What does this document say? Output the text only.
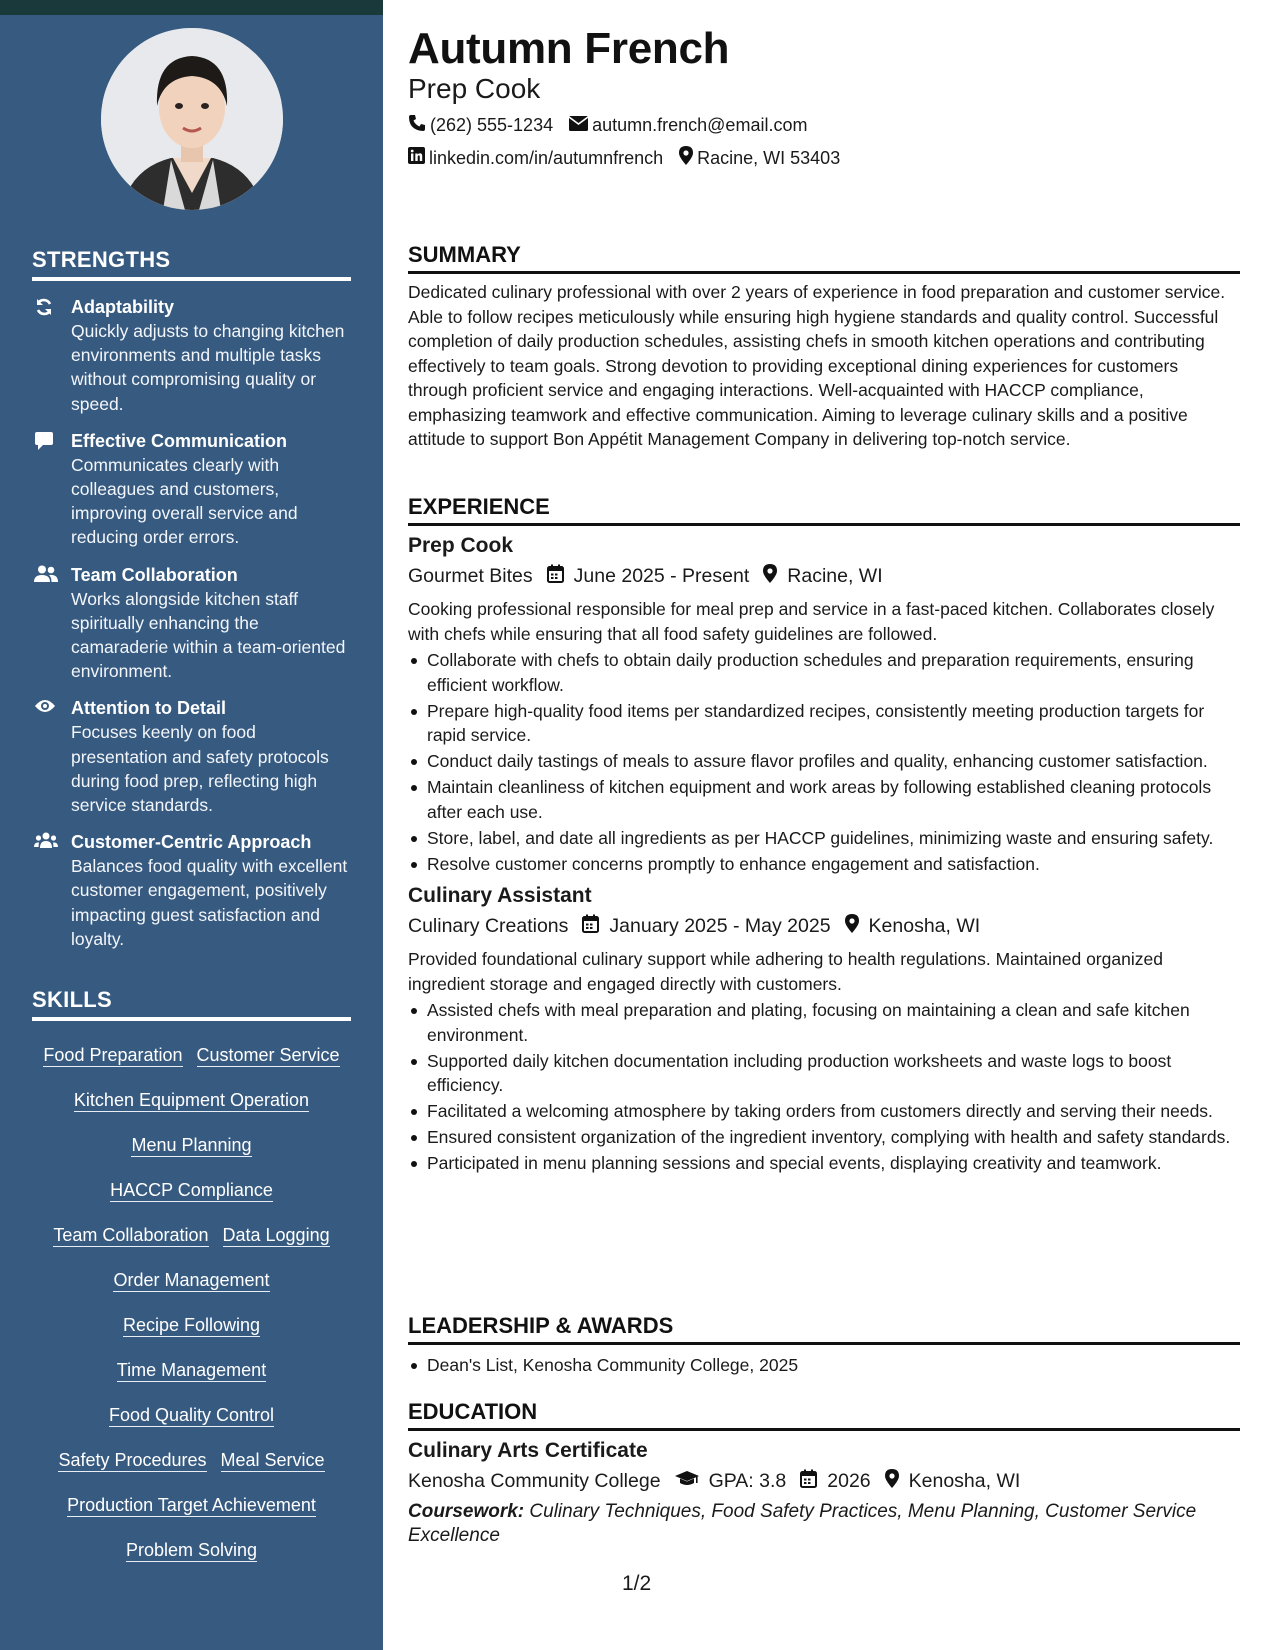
STRENGTHS
Adaptability
Quickly adjusts to changing kitchen environments and multiple tasks without compromising quality or speed.
Effective Communication
Communicates clearly with colleagues and customers, improving overall service and reducing order errors.
Team Collaboration
Works alongside kitchen staff spiritually enhancing the camaraderie within a team-oriented environment.
Attention to Detail
Focuses keenly on food presentation and safety protocols during food prep, reflecting high service standards.
Customer-Centric Approach
Balances food quality with excellent customer engagement, positively impacting guest satisfaction and loyalty.
SKILLS
Food Preparation Customer Service
Kitchen Equipment Operation
Menu Planning
HACCP Compliance
Team Collaboration Data Logging
Order Management
Recipe Following
Time Management
Food Quality Control
Safety Procedures Meal Service
Production Target Achievement
Problem Solving
Autumn French
Prep Cook
(262) 555-1234 autumn.french@email.com
linkedin.com/in/autumnfrench Racine, WI 53403
SUMMARY

Dedicated culinary professional with over 2 years of experience in food preparation and customer service. Able to follow recipes meticulously while ensuring high hygiene standards and quality control. Successful completion of daily production schedules, assisting chefs in smooth kitchen operations and contributing effectively to team goals. Strong devotion to providing exceptional dining experiences for customers through proficient service and engaging interactions. Well-acquainted with HACCP compliance, emphasizing teamwork and effective communication. Aiming to leverage culinary skills and a positive attitude to support Bon Appétit Management Company in delivering top-notch service.

EXPERIENCE
Prep Cook
Gourmet Bites June 2025 - Present Racine, WI

Cooking professional responsible for meal prep and service in a fast-paced kitchen. Collaborates closely with chefs while ensuring that all food safety guidelines are followed.

Collaborate with chefs to obtain daily production schedules and preparation requirements, ensuring efficient workflow.
Prepare high-quality food items per standardized recipes, consistently meeting production targets for rapid service.
Conduct daily tastings of meals to assure flavor profiles and quality, enhancing customer satisfaction.
Maintain cleanliness of kitchen equipment and work areas by following established cleaning protocols after each use.
Store, label, and date all ingredients as per HACCP guidelines, minimizing waste and ensuring safety.
Resolve customer concerns promptly to enhance engagement and satisfaction.
Culinary Assistant
Culinary Creations January 2025 - May 2025 Kenosha, WI

Provided foundational culinary support while adhering to health regulations. Maintained organized ingredient storage and engaged directly with customers.

Assisted chefs with meal preparation and plating, focusing on maintaining a clean and safe kitchen environment.
Supported daily kitchen documentation including production worksheets and waste logs to boost efficiency.
Facilitated a welcoming atmosphere by taking orders from customers directly and serving their needs.
Ensured consistent organization of the ingredient inventory, complying with health and safety standards.
Participated in menu planning sessions and special events, displaying creativity and teamwork.
LEADERSHIP & AWARDS
Dean's List, Kenosha Community College, 2025
EDUCATION
Culinary Arts Certificate
Kenosha Community College GPA: 3.8 2026 Kenosha, WI

Coursework: Culinary Techniques, Food Safety Practices, Menu Planning, Customer Service Excellence

1/2
